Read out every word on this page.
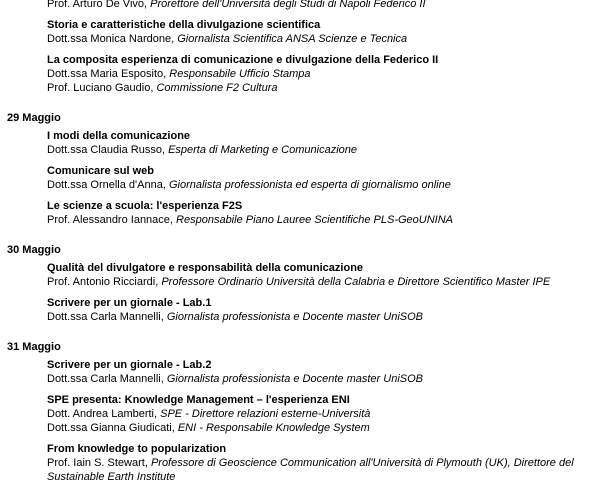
Prof. Arturo De Vivo, Prorettore dell'Università degli Studi di Napoli Federico II
Storia e caratteristiche della divulgazione scientifica
Dott.ssa Monica Nardone, Giornalista Scientifica ANSA Scienze e Tecnica
La composita esperienza di comunicazione e divulgazione della Federico II
Dott.ssa Maria Esposito, Responsabile Ufficio Stampa
Prof. Luciano Gaudio, Commissione F2 Cultura
29 Maggio
I modi della comunicazione
Dott.ssa Claudia Russo, Esperta di Marketing e Comunicazione
Comunicare sul web
Dott.ssa Ornella d'Anna, Giornalista professionista ed esperta di giornalismo online
Le scienze a scuola: l'esperienza F2S
Prof. Alessandro Iannace, Responsabile Piano Lauree Scientifiche PLS-GeoUNINA
30 Maggio
Qualità del divulgatore e responsabilità della comunicazione
Prof. Antonio Ricciardi, Professore Ordinario Università della Calabria e Direttore Scientifico Master IPE
Scrivere per un giornale - Lab.1
Dott.ssa Carla Mannelli, Giornalista professionista e Docente master UniSOB
31 Maggio
Scrivere per un giornale - Lab.2
Dott.ssa Carla Mannelli, Giornalista professionista e Docente master UniSOB
SPE presenta: Knowledge Management – l'esperienza ENI
Dott. Andrea Lamberti, SPE - Direttore relazioni esterne-Università
Dott.ssa Gianna Giudicati, ENI - Responsabile Knowledge System
From knowledge to popularization
Prof. Iain S. Stewart, Professore di Geoscience Communication all'Università di Plymouth (UK), Direttore del Sustainable Earth Institute
